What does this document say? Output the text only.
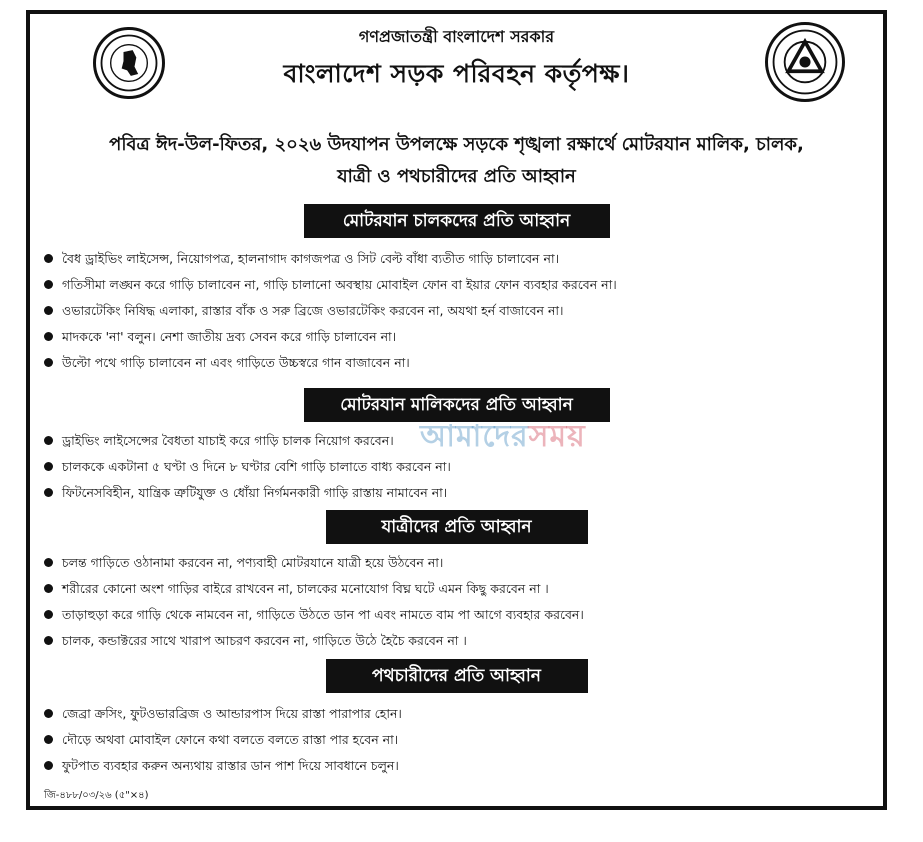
গণপ্রজাতন্ত্রী বাংলাদেশ সরকার
বাংলাদেশ সড়ক পরিবহন কর্তৃপক্ষ।
পবিত্র ঈদ-উল-ফিতর, ২০২৬ উদযাপন উপলক্ষে সড়কে শৃঙ্খলা রক্ষার্থে মোটরযান মালিক, চালক,
যাত্রী ও পথচারীদের প্রতি আহ্বান
মোটরযান চালকদের প্রতি আহ্বান
বৈধ ড্রাইভিং লাইসেন্স, নিয়োগপত্র, হালনাগাদ কাগজপত্র ও সিট বেল্ট বাঁধা ব্যতীত গাড়ি চালাবেন না।
গতিসীমা লঙ্ঘন করে গাড়ি চালাবেন না, গাড়ি চালানো অবস্থায় মোবাইল ফোন বা ইয়ার ফোন ব্যবহার করবেন না।
ওভারটেকিং নিষিদ্ধ এলাকা, রাস্তার বাঁক ও সরু ব্রিজে ওভারটেকিং করবেন না, অযথা হর্ন বাজাবেন না।
মাদককে 'না' বলুন। নেশা জাতীয় দ্রব্য সেবন করে গাড়ি চালাবেন না।
উল্টো পথে গাড়ি চালাবেন না এবং গাড়িতে উচ্চস্বরে গান বাজাবেন না।
মোটরযান মালিকদের প্রতি আহ্বান
ড্রাইভিং লাইসেন্সের বৈধতা যাচাই করে গাড়ি চালক নিয়োগ করবেন।
চালককে একটানা ৫ ঘণ্টা ও দিনে ৮ ঘণ্টার বেশি গাড়ি চালাতে বাধ্য করবেন না।
ফিটনেসবিহীন, যান্ত্রিক ত্রুটিযুক্ত ও ধোঁয়া নির্গমনকারী গাড়ি রাস্তায় নামাবেন না।
যাত্রীদের প্রতি আহ্বান
চলন্ত গাড়িতে ওঠানামা করবেন না, পণ্যবাহী মোটরযানে যাত্রী হয়ে উঠবেন না।
শরীরের কোনো অংশ গাড়ির বাইরে রাখবেন না, চালকের মনোযোগ বিঘ্ন ঘটে এমন কিছু করবেন না ।
তাড়াহুড়া করে গাড়ি থেকে নামবেন না, গাড়িতে উঠতে ডান পা এবং নামতে বাম পা আগে ব্যবহার করবেন।
চালক, কন্ডাক্টরের সাথে খারাপ আচরণ করবেন না, গাড়িতে উঠে হৈচৈ করবেন না ।
পথচারীদের প্রতি আহ্বান
জেব্রা ক্রসিং, ফুটওভারব্রিজ ও আন্ডারপাস দিয়ে রাস্তা পারাপার হোন।
দৌড়ে অথবা মোবাইল ফোনে কথা বলতে বলতে রাস্তা পার হবেন না।
ফুটপাত ব্যবহার করুন অন্যথায় রাস্তার ডান পাশ দিয়ে সাবধানে চলুন।
আমাদেরসময়
জি-৪৮৮/০৩/২৬ (৫"×৪)
